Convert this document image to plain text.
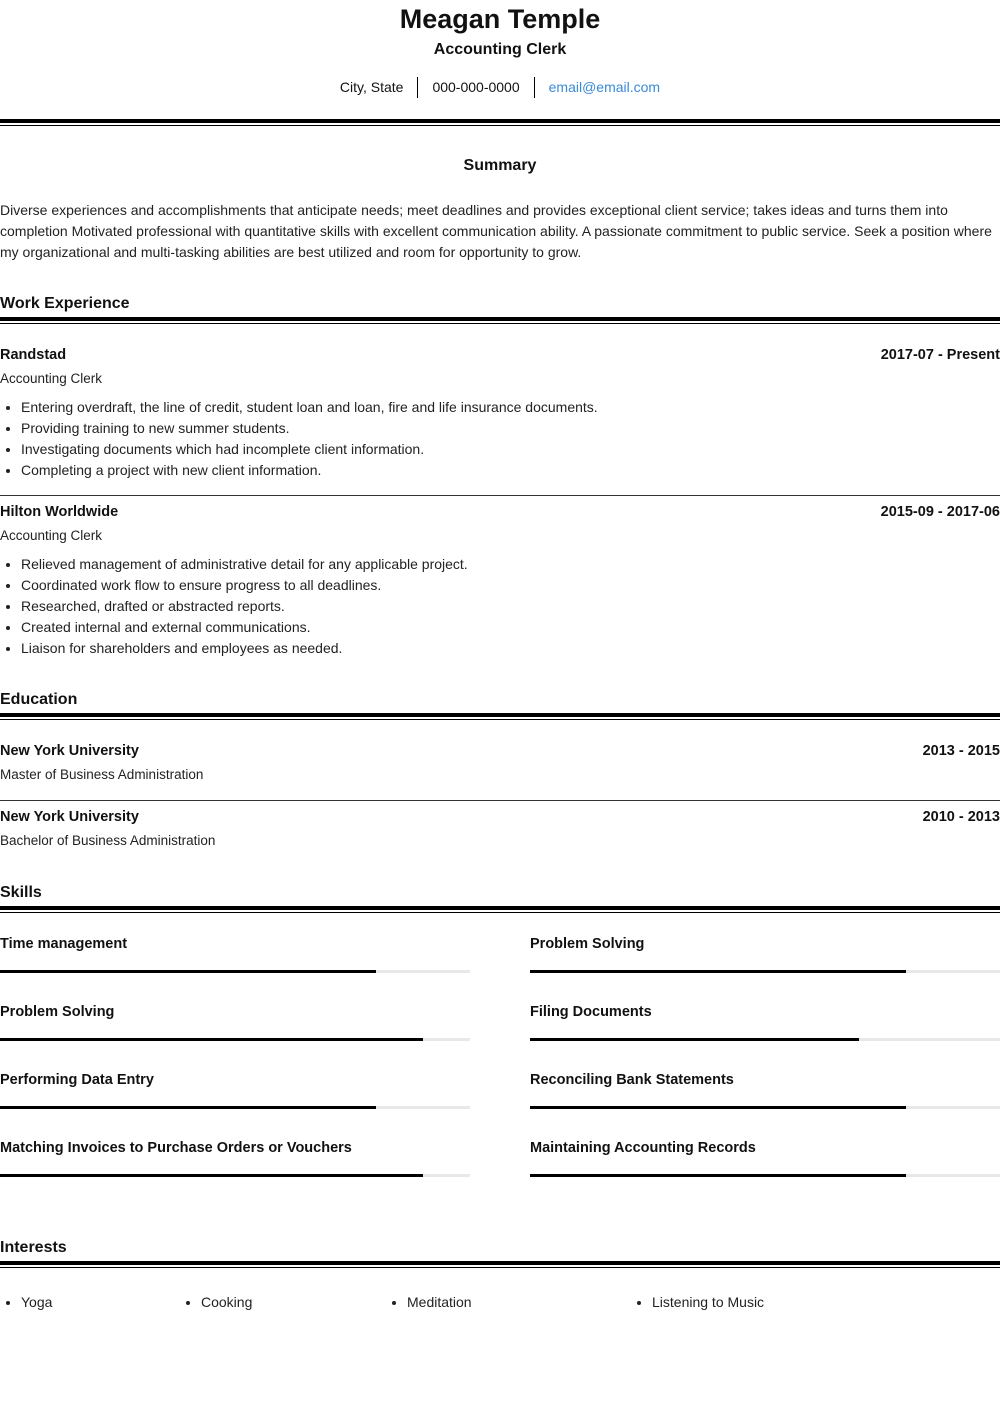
Meagan Temple
Accounting Clerk
City, State	000-000-0000	email@email.com
Summary
Diverse experiences and accomplishments that anticipate needs; meet deadlines and provides exceptional client service; takes ideas and turns them into completion Motivated professional with quantitative skills with excellent communication ability. A passionate commitment to public service. Seek a position where my organizational and multi-tasking abilities are best utilized and room for opportunity to grow.
Work Experience
Education
Skills
Interests
• Yoga	• Cooking	• Meditation	• Listening to Music
Randstad	2017-07 - Present
Accounting Clerk
• Entering overdraft, the line of credit, student loan and loan, fire and life insurance documents.
• Providing training to new summer students.
• Investigating documents which had incomplete client information.
• Completing a project with new client information.
Hilton Worldwide	2015-09 - 2017-06
Accounting Clerk
• Relieved management of administrative detail for any applicable project.
• Coordinated work flow to ensure progress to all deadlines.
• Researched, drafted or abstracted reports.
• Created internal and external communications.
• Liaison for shareholders and employees as needed.
New York University	2013 - 2015
Master of Business Administration
New York University	2010 - 2013
Bachelor of Business Administration
Time management	Problem Solving
Problem Solving	Filing Documents
Performing Data Entry	Reconciling Bank Statements
Matching Invoices to Purchase Orders or Vouchers	Maintaining Accounting Records
